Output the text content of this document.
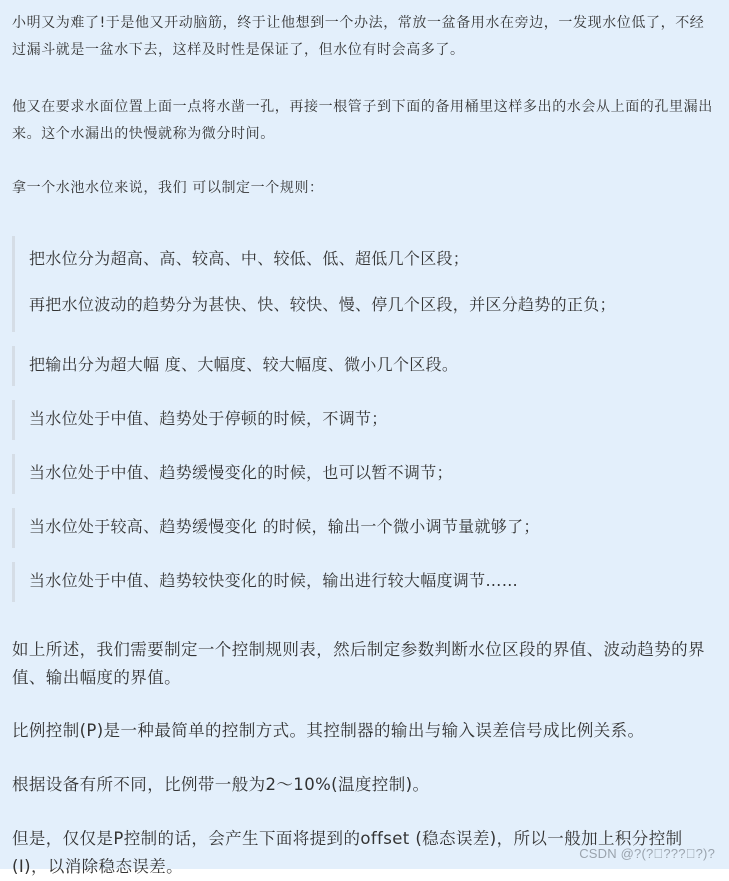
小明又为难了!于是他又开动脑筋，终于让他想到一个办法，常放一盆备用水在旁边，一发现水位低了，不经过漏斗就是一盆水下去，这样及时性是保证了，但水位有时会高多了。

他又在要求水面位置上面一点将水凿一孔，再接一根管子到下面的备用桶里这样多出的水会从上面的孔里漏出来。这个水漏出的快慢就称为微分时间。

拿一个水池水位来说，我们 可以制定一个规则：

把水位分为超高、高、较高、中、较低、低、超低几个区段；
再把水位波动的趋势分为甚快、快、较快、慢、停几个区段，并区分趋势的正负；
把输出分为超大幅 度、大幅度、较大幅度、微小几个区段。
当水位处于中值、趋势处于停顿的时候，不调节；
当水位处于中值、趋势缓慢变化的时候，也可以暂不调节；
当水位处于较高、趋势缓慢变化 的时候，输出一个微小调节量就够了；
当水位处于中值、趋势较快变化的时候，输出进行较大幅度调节……

如上所述，我们需要制定一个控制规则表，然后制定参数判断水位区段的界值、波动趋势的界值、输出幅度的界值。

比例控制(P)是一种最简单的控制方式。其控制器的输出与输入误差信号成比例关系。

根据设备有所不同，比例带一般为2～10%(温度控制)。

但是，仅仅是P控制的话，会产生下面将提到的offset (稳态误差)，所以一般加上积分控制(I)，以消除稳态误差。

CSDN @?(? ??? ?)?
